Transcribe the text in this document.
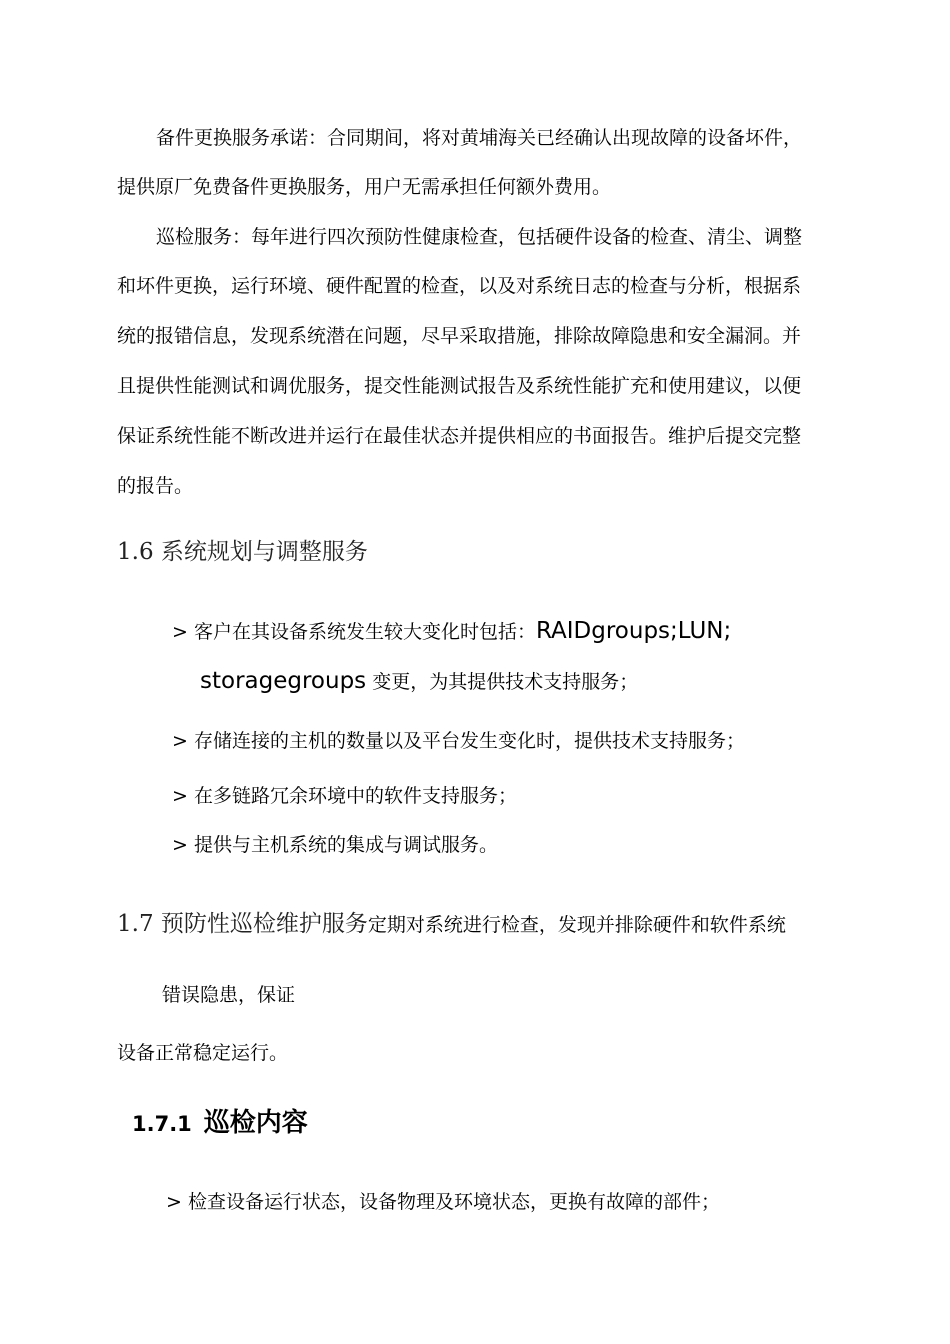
备件更换服务承诺：合同期间，将对黄埔海关已经确认出现故障的设备坏件，
提供原厂免费备件更换服务，用户无需承担任何额外费用。
巡检服务：每年进行四次预防性健康检查，包括硬件设备的检查、清尘、调整
和坏件更换，运行环境、硬件配置的检查，以及对系统日志的检查与分析，根据系
统的报错信息，发现系统潜在问题，尽早采取措施，排除故障隐患和安全漏洞。并
且提供性能测试和调优服务，提交性能测试报告及系统性能扩充和使用建议，以便
保证系统性能不断改进并运行在最佳状态并提供相应的书面报告。维护后提交完整
的报告。
1.6 系统规划与调整服务
> 客户在其设备系统发生较大变化时包括：RAIDgroups;LUN;
storagegroups 变更，为其提供技术支持服务；
> 存储连接的主机的数量以及平台发生变化时，提供技术支持服务；
> 在多链路冗余环境中的软件支持服务；
> 提供与主机系统的集成与调试服务。
1.7 预防性巡检维护服务定期对系统进行检查，发现并排除硬件和软件系统
错误隐患，保证
设备正常稳定运行。
1.7.1 巡检内容
> 检查设备运行状态，设备物理及环境状态，更换有故障的部件；
